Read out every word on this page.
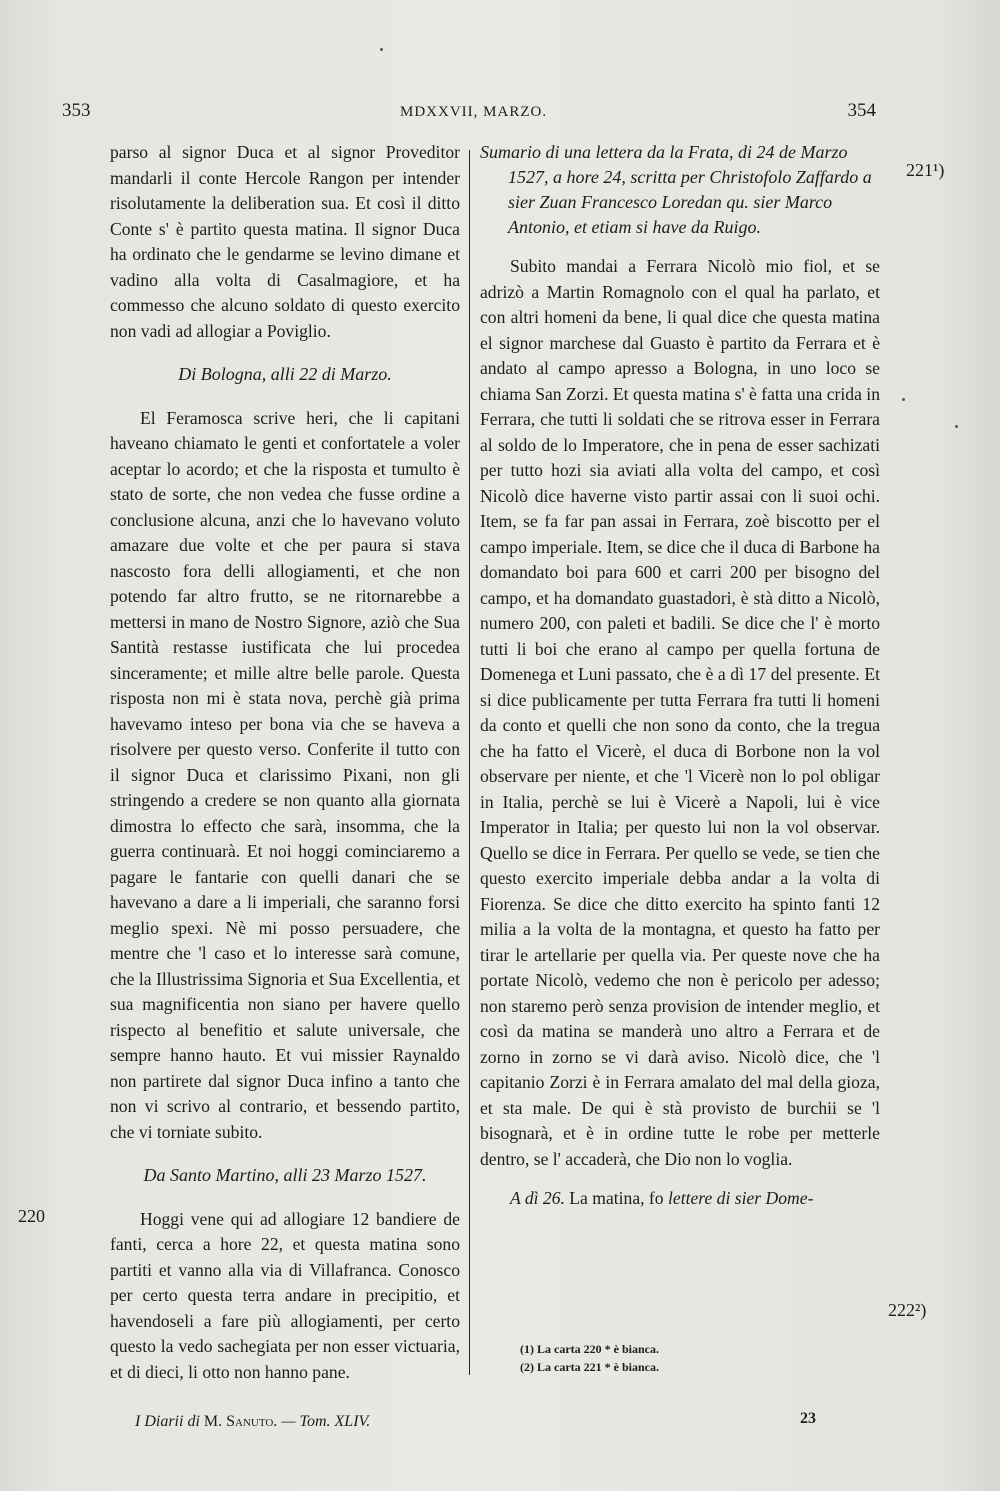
353	MDXXVII, MARZO.	354

parso al signor Duca et al signor Proveditor mandarli il conte Hercole Rangon per intender risolutamente la deliberation sua. Et così il ditto Conte s' è partito questa matina. Il signor Duca ha ordinato che le gendarme se levino dimane et vadino alla volta di Casalmagiore, et ha commesso che alcuno soldato di questo exercito non vadi ad allogiar a Poviglio.

Di Bologna, alli 22 di Marzo.

El Feramosca scrive heri, che li capitani haveano chiamato le genti et confortatele a voler aceptar lo acordo; et che la risposta et tumulto è stato de sorte, che non vedea che fusse ordine a conclusione alcuna, anzi che lo havevano voluto amazare due volte et che per paura si stava nascosto fora delli allogiamenti, et che non potendo far altro frutto, se ne ritornarebbe a mettersi in mano de Nostro Signore, aziò che Sua Santità restasse iustificata che lui procedea sinceramente; et mille altre belle parole. Questa risposta non mi è stata nova, perchè già prima havevamo inteso per bona via che se haveva a risolvere per questo verso. Conferite il tutto con il signor Duca et clarissimo Pixani, non gli stringendo a credere se non quanto alla giornata dimostra lo effecto che sarà, insomma, che la guerra continuarà. Et noi hoggi cominciaremo a pagare le fantarie con quelli danari che se havevano a dare a li imperiali, che saranno forsi meglio spexi. Nè mi posso persuadere, che mentre che 'l caso et lo interesse sarà comune, che la Illustrissima Signoria et Sua Excellentia, et sua magnificentia non siano per havere quello rispecto al benefitio et salute universale, che sempre hanno hauto. Et vui missier Raynaldo non partirete dal signor Duca infino a tanto che non vi scrivo al contrario, et bessendo partito, che vi torniate subito.

Da Santo Martino, alli 23 Marzo 1527.

Hoggi vene qui ad allogiare 12 bandiere de fanti, cerca a hore 22, et questa matina sono partiti et vanno alla via di Villafranca. Conosco per certo questa terra andare in precipitio, et havendoseli a fare più allogiamenti, per certo questo la vedo sachegiata per non esser victuaria, et di dieci, li otto non hanno pane.

Sumario di una lettera da la Frata, di 24 de Marzo 1527, a hore 24, scritta per Christofolo Zaffardo a sier Zuan Francesco Loredan qu. sier Marco Antonio, et etiam si have da Ruigo.

Subito mandai a Ferrara Nicolò mio fiol, et se adrizò a Martin Romagnolo con el qual ha parlato, et con altri homeni da bene, li qual dice che questa matina el signor marchese dal Guasto è partito da Ferrara et è andato al campo apresso a Bologna, in uno loco se chiama San Zorzi. Et questa matina s' è fatta una crida in Ferrara, che tutti li soldati che se ritrova esser in Ferrara al soldo de lo Imperatore, che in pena de esser sachizati per tutto hozi sia aviati alla volta del campo, et così Nicolò dice haverne visto partir assai con li suoi ochi. Item, se fa far pan assai in Ferrara, zoè biscotto per el campo imperiale. Item, se dice che il duca di Barbone ha domandato boi para 600 et carri 200 per bisogno del campo, et ha domandato guastadori, è stà ditto a Nicolò, numero 200, con paleti et badili. Se dice che l' è morto tutti li boi che erano al campo per quella fortuna de Domenega et Luni passato, che è a dì 17 del presente. Et si dice publicamente per tutta Ferrara fra tutti li homeni da conto et quelli che non sono da conto, che la tregua che ha fatto el Vicerè, el duca di Borbone non la vol observare per niente, et che 'l Vicerè non lo pol obligar in Italia, perchè se lui è Vicerè a Napoli, lui è vice Imperator in Italia; per questo lui non la vol observar. Quello se dice in Ferrara. Per quello se vede, se tien che questo exercito imperiale debba andar a la volta di Fiorenza. Se dice che ditto exercito ha spinto fanti 12 milia a la volta de la montagna, et questo ha fatto per tirar le artellarie per quella via. Per queste nove che ha portate Nicolò, vedemo che non è pericolo per adesso; non staremo però senza provision de intender meglio, et così da matina se manderà uno altro a Ferrara et de zorno in zorno se vi darà aviso. Nicolò dice, che 'l capitanio Zorzi è in Ferrara amalato del mal della gioza, et sta male. De qui è stà provisto de burchii se 'l bisognarà, et è in ordine tutte le robe per metterle dentro, se l' accaderà, che Dio non lo voglia.

A dì 26. La matina, fo lettere di sier Dome-

220
221¹)
222²)
(1) La carta 220 * è bianca.
(2) La carta 221 * è bianca.
I Diarii di M. Sanuto. — Tom. XLIV.	23
